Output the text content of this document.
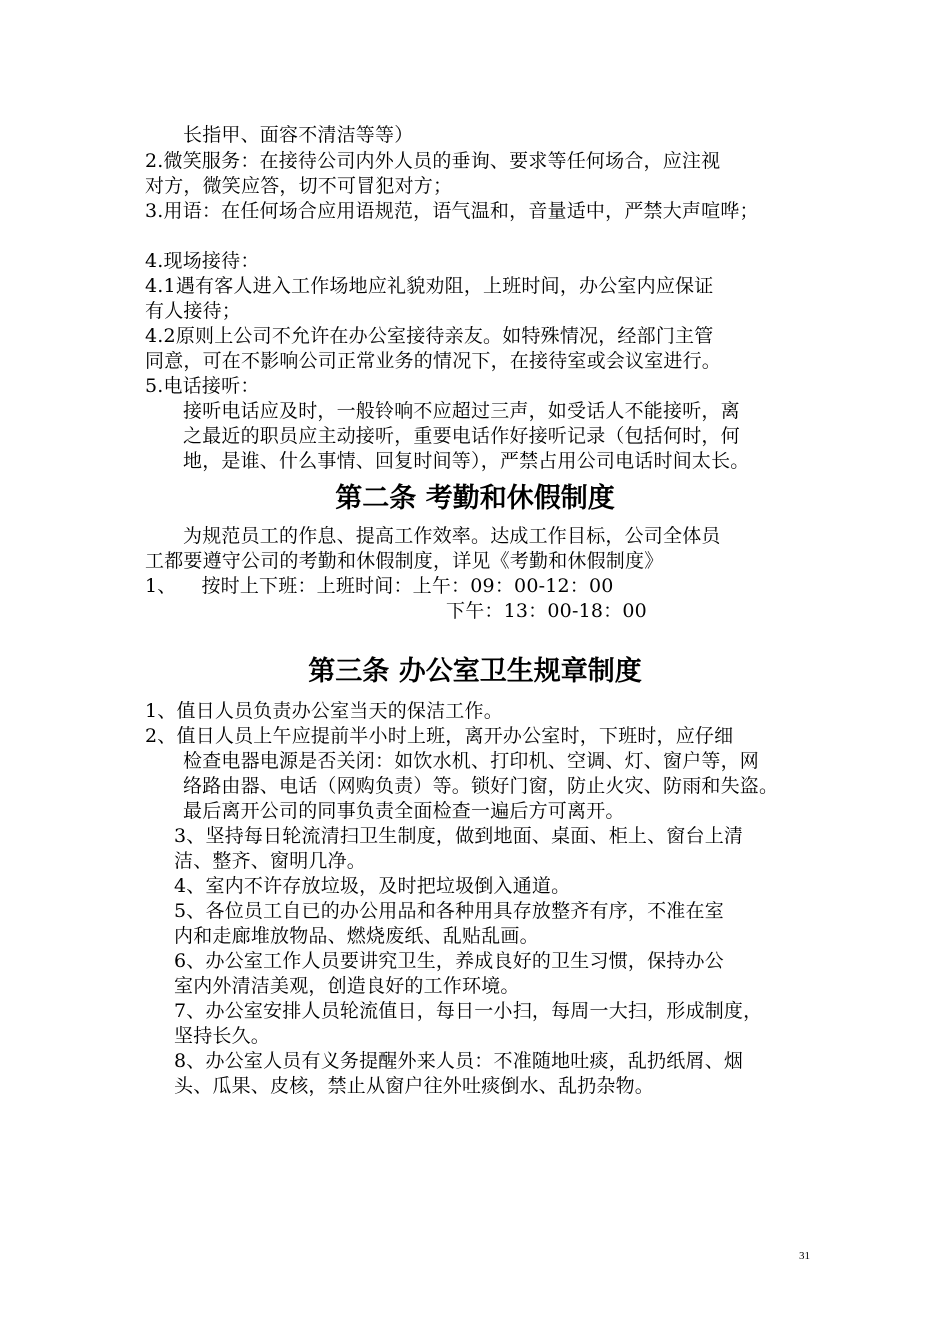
长指甲、面容不清洁等等）
2.微笑服务：在接待公司内外人员的垂询、要求等任何场合，应注视
对方，微笑应答，切不可冒犯对方；
3.用语：在任何场合应用语规范，语气温和，音量适中，严禁大声喧哗；
4.现场接待：
4.1遇有客人进入工作场地应礼貌劝阻，上班时间，办公室内应保证
有人接待；
4.2原则上公司不允许在办公室接待亲友。如特殊情况，经部门主管
同意，可在不影响公司正常业务的情况下，在接待室或会议室进行。
5.电话接听：
接听电话应及时，一般铃响不应超过三声，如受话人不能接听，离
之最近的职员应主动接听，重要电话作好接听记录（包括何时，何
地，是谁、什么事情、回复时间等），严禁占用公司电话时间太长。
第二条 考勤和休假制度
为规范员工的作息、提高工作效率。达成工作目标，公司全体员
工都要遵守公司的考勤和休假制度，详见《考勤和休假制度》
1、    按时上下班：上班时间：上午：09：00-12：00
下午：13：00-18：00
第三条 办公室卫生规章制度
1、值日人员负责办公室当天的保洁工作。
2、值日人员上午应提前半小时上班，离开办公室时，下班时，应仔细
检查电器电源是否关闭：如饮水机、打印机、空调、灯、窗户等，网
络路由器、电话（网购负责）等。锁好门窗，防止火灾、防雨和失盗。
最后离开公司的同事负责全面检查一遍后方可离开。
3、坚持每日轮流清扫卫生制度，做到地面、桌面、柜上、窗台上清
洁、整齐、窗明几净。
4、室内不许存放垃圾，及时把垃圾倒入通道。
5、各位员工自已的办公用品和各种用具存放整齐有序，不准在室
内和走廊堆放物品、燃烧废纸、乱贴乱画。
6、办公室工作人员要讲究卫生，养成良好的卫生习惯，保持办公
室内外清洁美观，创造良好的工作环境。
7、办公室安排人员轮流值日，每日一小扫，每周一大扫，形成制度，
坚持长久。
8、办公室人员有义务提醒外来人员：不准随地吐痰，乱扔纸屑、烟
头、瓜果、皮核，禁止从窗户往外吐痰倒水、乱扔杂物。
31
